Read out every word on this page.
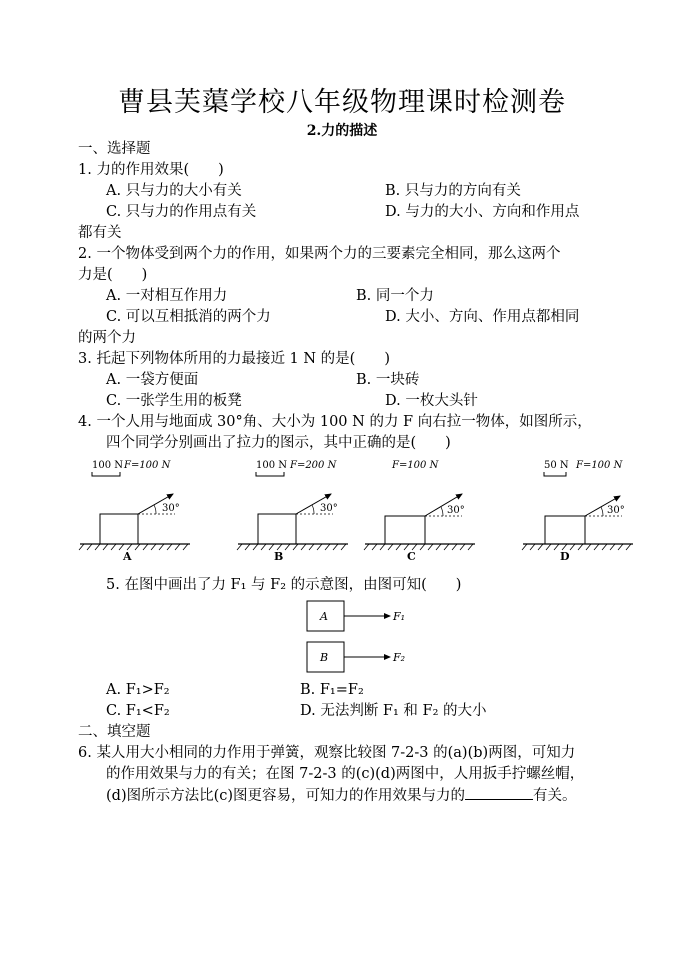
曹县芙蕖学校八年级物理课时检测卷
2.力的描述
一、选择题
1. 力的作用效果(　　)
A. 只与力的大小有关	B. 只与力的方向有关
C. 只与力的作用点有关	D. 与力的大小、方向和作用点
都有关
2. 一个物体受到两个力的作用，如果两个力的三要素完全相同，那么这两个
力是(　　)
A. 一对相互作用力	B. 同一个力
C. 可以互相抵消的两个力	D. 大小、方向、作用点都相同
的两个力
3. 托起下列物体所用的力最接近 1 N 的是(　　)
A. 一袋方便面	B. 一块砖
C. 一张学生用的板凳	D. 一枚大头针
4. 一个人用与地面成 30°角、大小为 100 N 的力 F 向右拉一物体，如图所示，
四个同学分别画出了拉力的图示，其中正确的是(　　)
100 N F=100 N
30°
A
100 N F=200 N
30°
B
F=100 N
30°
C
50 N F=100 N
30°
D
5. 在图中画出了力 F₁ 与 F₂ 的示意图，由图可知(　　)
A	F₁
B	F₂
A. F₁>F₂	B. F₁=F₂
C. F₁<F₂	D. 无法判断 F₁ 和 F₂ 的大小
二、填空题
6. 某人用大小相同的力作用于弹簧，观察比较图 7-2-3 的(a)(b)两图，可知力
的作用效果与力的有关；在图 7-2-3 的(c)(d)两图中，人用扳手拧螺丝帽，
(d)图所示方法比(c)图更容易，可知力的作用效果与力的	有关。
